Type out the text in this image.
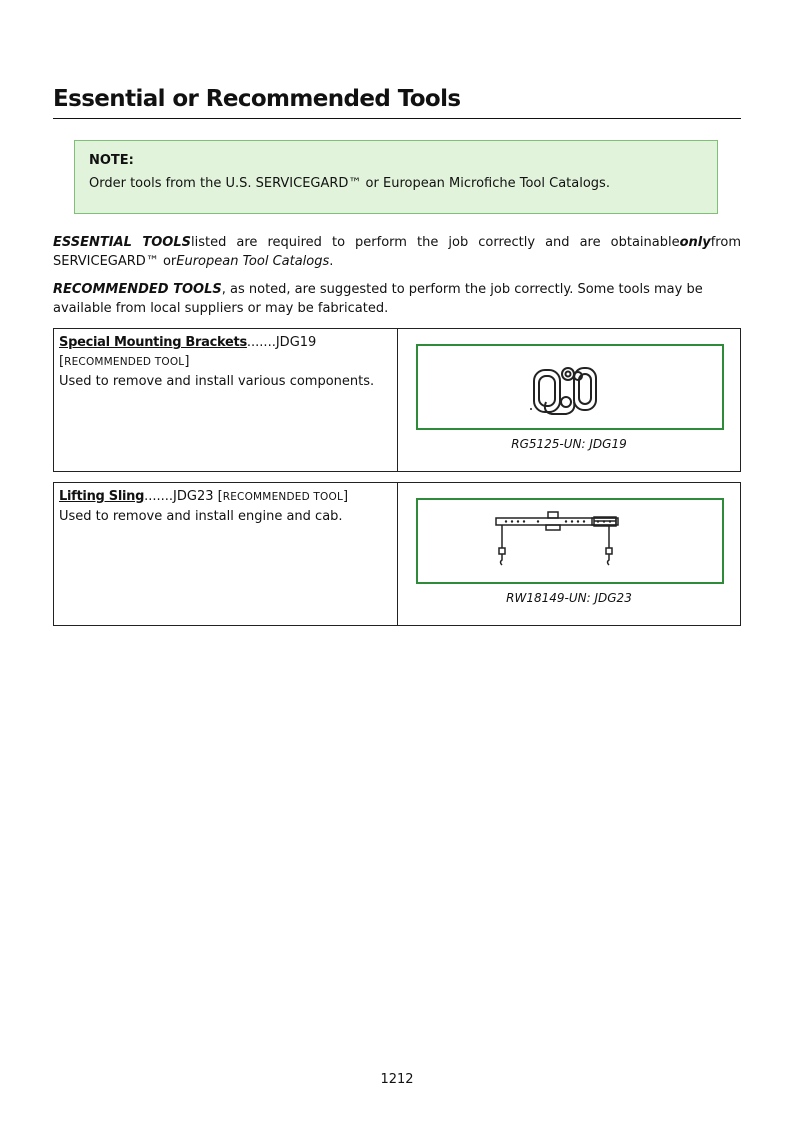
Essential or Recommended Tools
NOTE:
Order tools from the U.S. SERVICEGARD™ or European Microfiche Tool Catalogs.

ESSENTIAL TOOLSlisted are required to perform the job correctly and are obtainableonlyfrom SERVICEGARD™ orEuropean Tool Catalogs.

RECOMMENDED TOOLS, as noted, are suggested to perform the job correctly. Some tools may be available from local suppliers or may be fabricated.

Special Mounting Brackets.......JDG19 [RECOMMENDED TOOL]
Used to remove and install various components.
RG5125-UN: JDG19
Lifting Sling.......JDG23 [RECOMMENDED TOOL]
Used to remove and install engine and cab.
RW18149-UN: JDG23
1212
